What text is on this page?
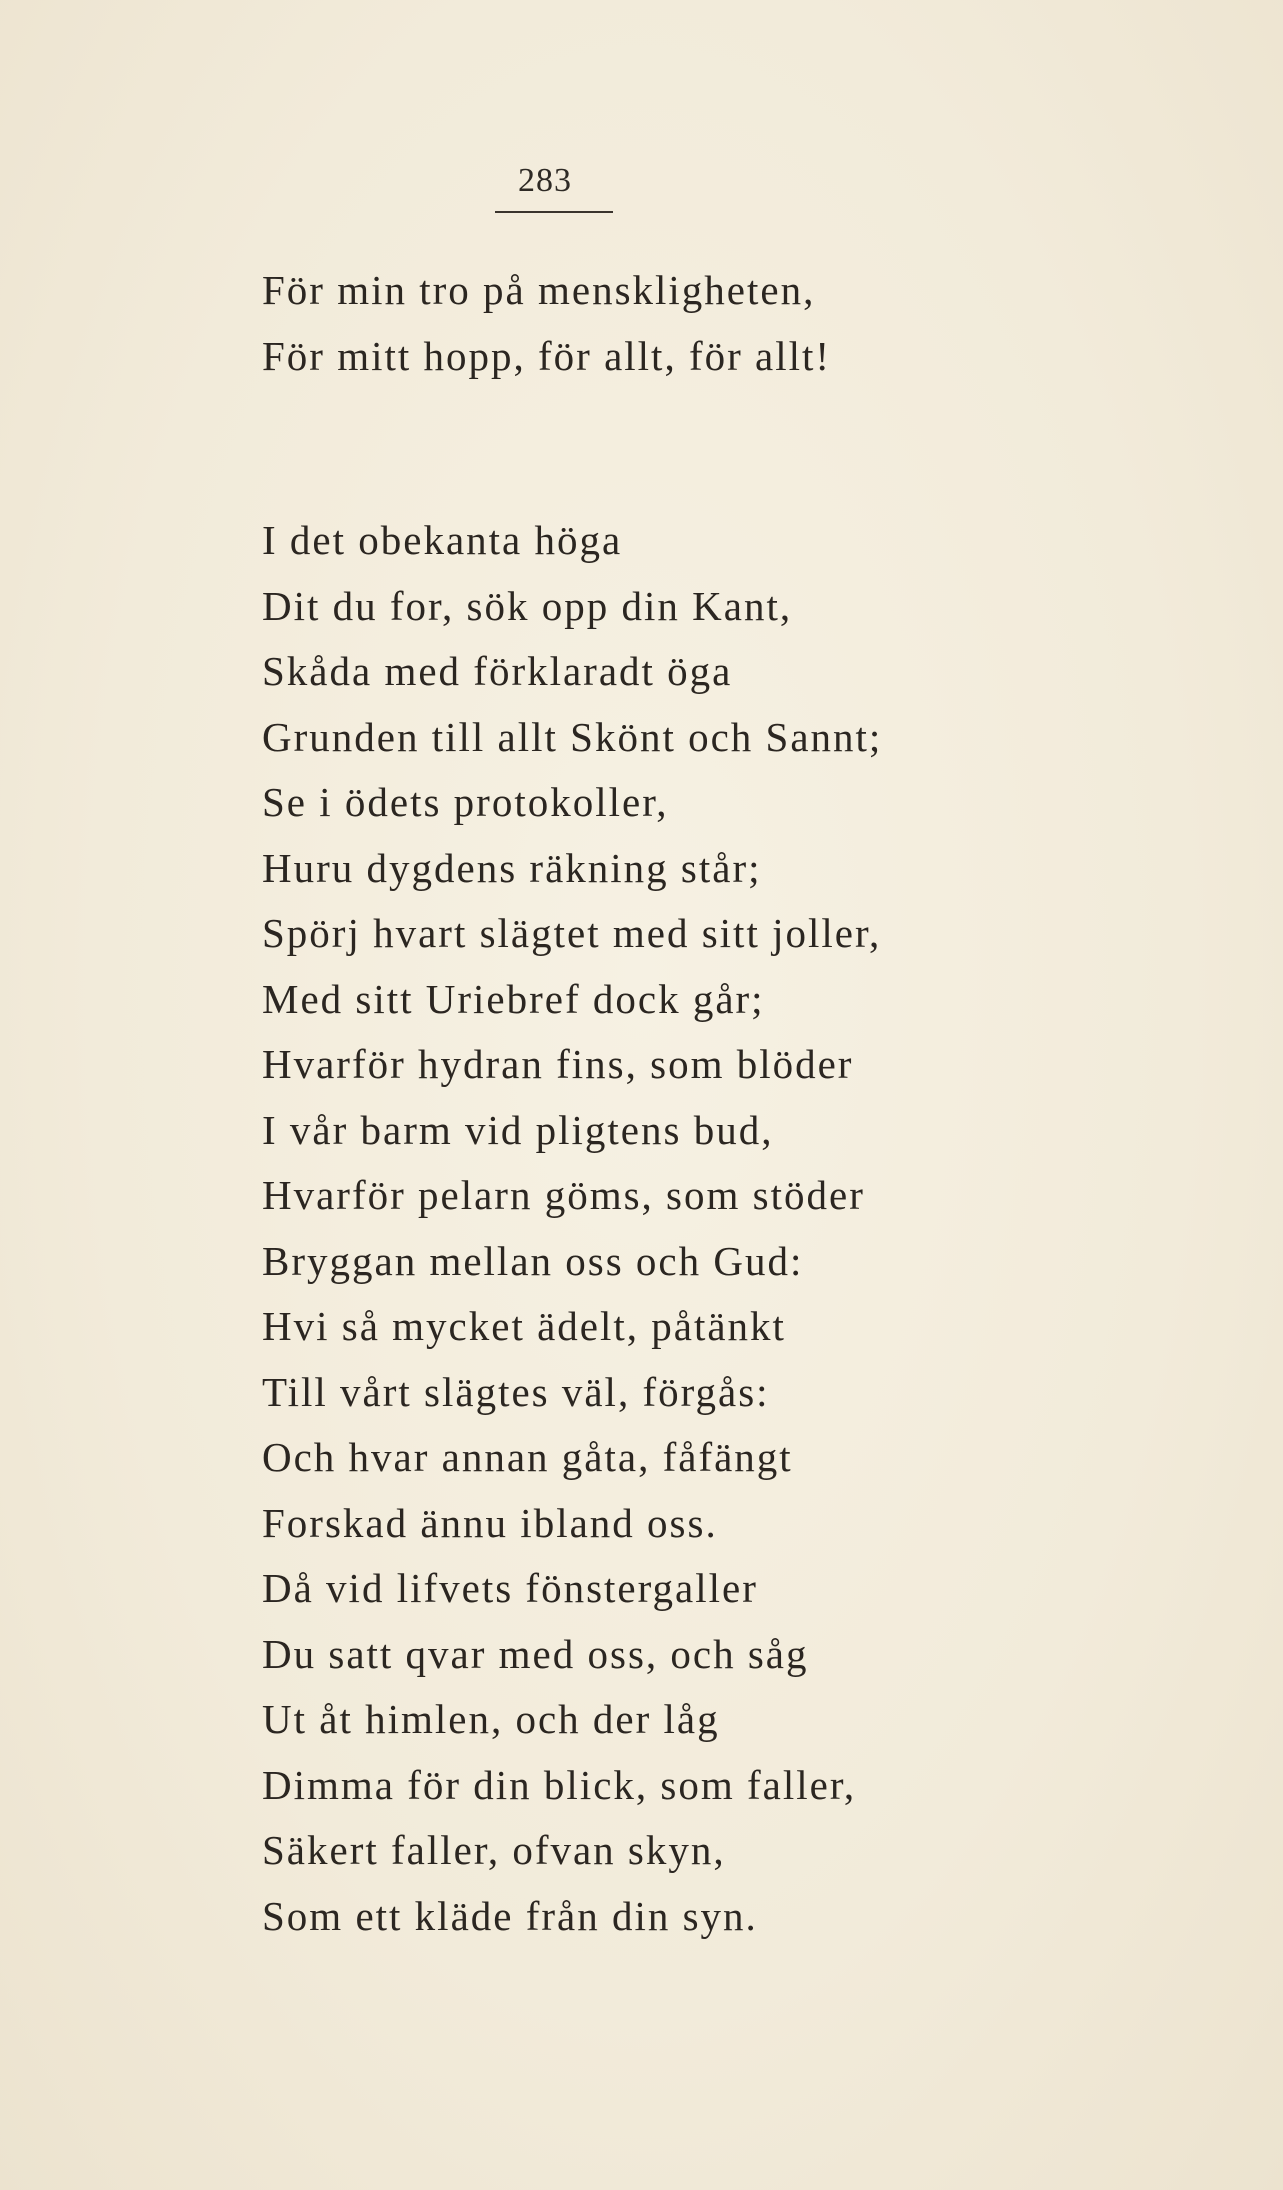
283
För min tro på menskligheten,
För mitt hopp, för allt, för allt!
I det obekanta höga
Dit du for, sök opp din Kant,
Skåda med förklaradt öga
Grunden till allt Skönt och Sannt;
Se i ödets protokoller,
Huru dygdens räkning står;
Spörj hvart slägtet med sitt joller,
Med sitt Uriebref dock går;
Hvarför hydran fins, som blöder
I vår barm vid pligtens bud,
Hvarför pelarn göms, som stöder
Bryggan mellan oss och Gud:
Hvi så mycket ädelt, påtänkt
Till vårt slägtes väl, förgås:
Och hvar annan gåta, fåfängt
Forskad ännu ibland oss.
Då vid lifvets fönstergaller
Du satt qvar med oss, och såg
Ut åt himlen, och der låg
Dimma för din blick, som faller,
Säkert faller, ofvan skyn,
Som ett kläde från din syn.
